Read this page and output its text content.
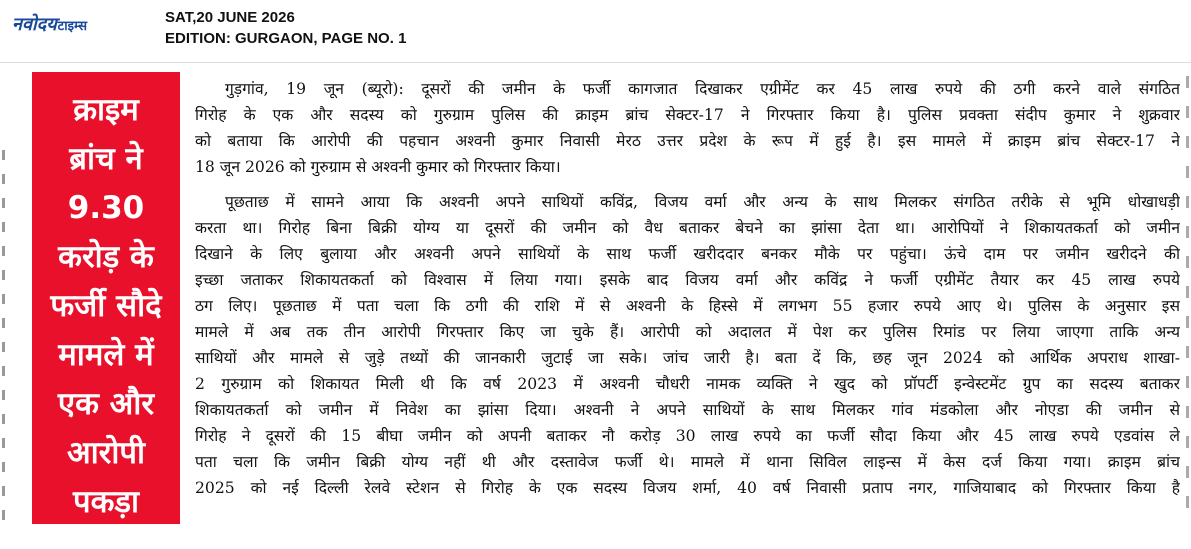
नवोदयटाइम्स
SAT,20 JUNE 2026
EDITION: GURGAON, PAGE NO. 1
क्राइम
ब्रांच ने
9.30
करोड़ के
फर्जी सौदे
मामले में
एक और
आरोपी
पकड़ा
गुड़गांव, 19 जून (ब्यूरो): दूसरों की जमीन के फर्जी कागजात दिखाकर एग्रीमेंट कर 45 लाख रुपये की ठगी करने वाले संगठित
गिरोह के एक और सदस्य को गुरुग्राम पुलिस की क्राइम ब्रांच सेक्टर-17 ने गिरफ्तार किया है। पुलिस प्रवक्ता संदीप कुमार ने शुक्रवार
को बताया कि आरोपी की पहचान अश्वनी कुमार निवासी मेरठ उत्तर प्रदेश के रूप में हुई है। इस मामले में क्राइम ब्रांच सेक्टर-17 ने
18 जून 2026 को गुरुग्राम से अश्वनी कुमार को गिरफ्तार किया।
पूछताछ में सामने आया कि अश्वनी अपने साथियों कविंद्र, विजय वर्मा और अन्य के साथ मिलकर संगठित तरीके से भूमि धोखाधड़ी
करता था। गिरोह बिना बिक्री योग्य या दूसरों की जमीन को वैध बताकर बेचने का झांसा देता था। आरोपियों ने शिकायतकर्ता को जमीन
दिखाने के लिए बुलाया और अश्वनी अपने साथियों के साथ फर्जी खरीददार बनकर मौके पर पहुंचा। ऊंचे दाम पर जमीन खरीदने की
इच्छा जताकर शिकायतकर्ता को विश्वास में लिया गया। इसके बाद विजय वर्मा और कविंद्र ने फर्जी एग्रीमेंट तैयार कर 45 लाख रुपये
ठग लिए। पूछताछ में पता चला कि ठगी की राशि में से अश्वनी के हिस्से में लगभग 55 हजार रुपये आए थे। पुलिस के अनुसार इस
मामले में अब तक तीन आरोपी गिरफ्तार किए जा चुके हैं। आरोपी को अदालत में पेश कर पुलिस रिमांड पर लिया जाएगा ताकि अन्य
साथियों और मामले से जुड़े तथ्यों की जानकारी जुटाई जा सके। जांच जारी है। बता दें कि, छह जून 2024 को आर्थिक अपराध शाखा-
2 गुरुग्राम को शिकायत मिली थी कि वर्ष 2023 में अश्वनी चौधरी नामक व्यक्ति ने खुद को प्रॉपर्टी इन्वेस्टमेंट ग्रुप का सदस्य बताकर
शिकायतकर्ता को जमीन में निवेश का झांसा दिया। अश्वनी ने अपने साथियों के साथ मिलकर गांव मंडकोला और नोएडा की जमीन से
गिरोह ने दूसरों की 15 बीघा जमीन को अपनी बताकर नौ करोड़ 30 लाख रुपये का फर्जी सौदा किया और 45 लाख रुपये एडवांस ले
पता चला कि जमीन बिक्री योग्य नहीं थी और दस्तावेज फर्जी थे। मामले में थाना सिविल लाइन्स में केस दर्ज किया गया। क्राइम ब्रांच
2025 को नई दिल्ली रेलवे स्टेशन से गिरोह के एक सदस्य विजय शर्मा, 40 वर्ष निवासी प्रताप नगर, गाजियाबाद को गिरफ्तार किया है
